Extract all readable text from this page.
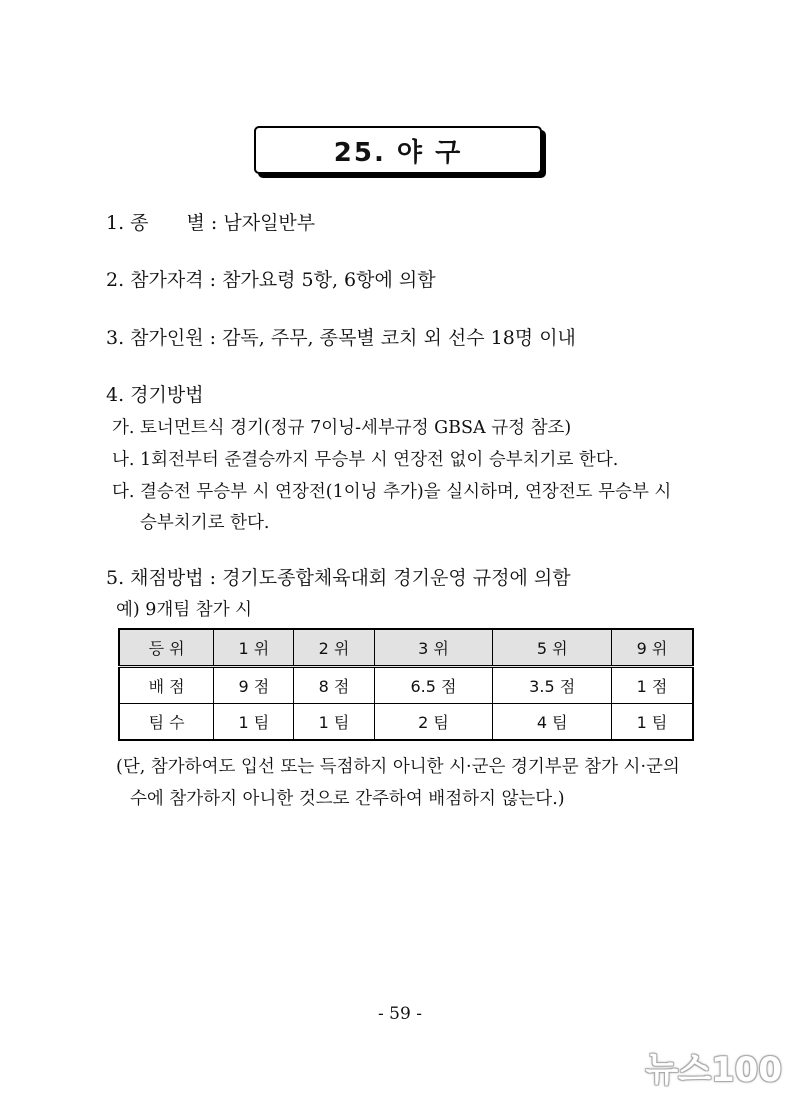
25. 야 구
1. 종　　별 : 남자일반부
2. 참가자격 : 참가요령 5항, 6항에 의함
3. 참가인원 : 감독, 주무, 종목별 코치 외 선수 18명 이내
4. 경기방법
가. 토너먼트식 경기(정규 7이닝-세부규정 GBSA 규정 참조)
나. 1회전부터 준결승까지 무승부 시 연장전 없이 승부치기로 한다.
다. 결승전 무승부 시 연장전(1이닝 추가)을 실시하며, 연장전도 무승부 시
승부치기로 한다.
5. 채점방법 : 경기도종합체육대회 경기운영 규정에 의함
예) 9개팀 참가 시
등 위	1 위	2 위	3 위	5 위	9 위
배 점	9 점	8 점	6.5 점	3.5 점	1 점
팀 수	1 팀	1 팀	2 팀	4 팀	1 팀
(단, 참가하여도 입선 또는 득점하지 아니한 시·군은 경기부문 참가 시·군의
수에 참가하지 아니한 것으로 간주하여 배점하지 않는다.)
- 59 -
뉴스100
